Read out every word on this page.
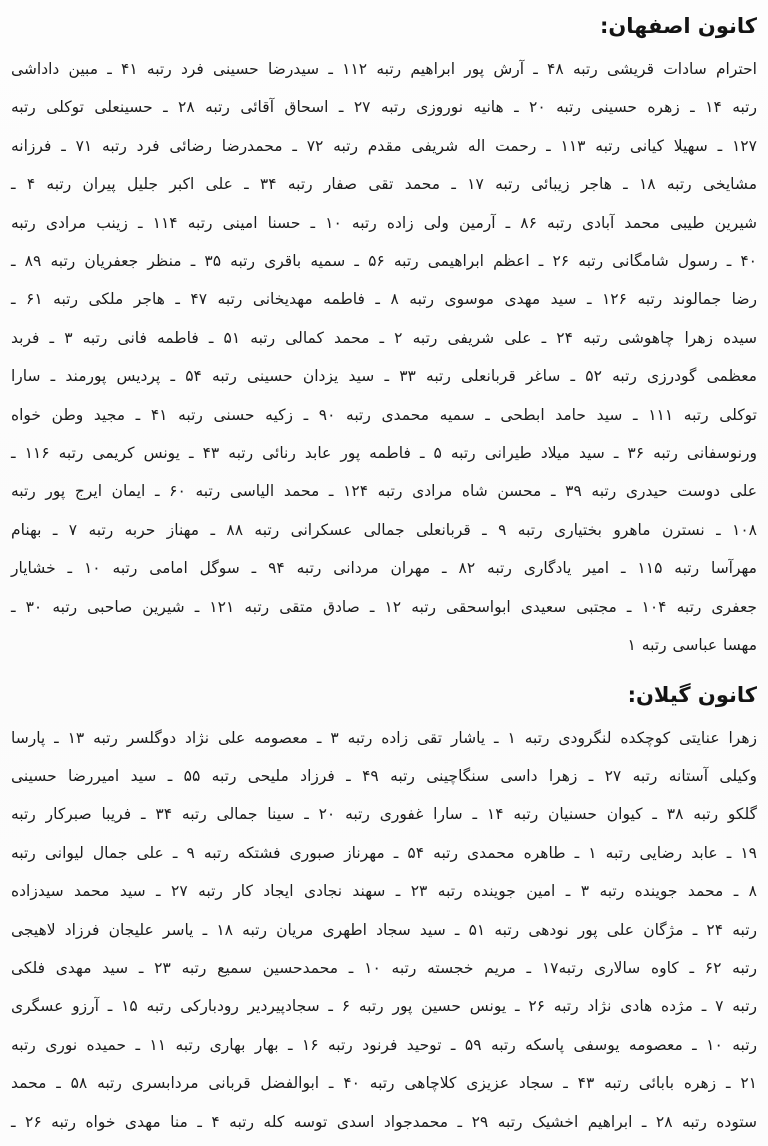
کانون اصفهان:
احترام سادات قریشی رتبه ۴۸ ـ آرش پور ابراهیم رتبه ۱۱۲ ـ سیدرضا حسینی فرد رتبه ۴۱ ـ مبین داداشی
رتبه ۱۴ ـ زهره حسینی رتبه ۲۰ ـ هانیه نوروزی رتبه ۲۷ ـ اسحاق آقائی رتبه ۲۸ ـ حسینعلی توکلی رتبه
۱۲۷ ـ سهیلا کیانی رتبه ۱۱۳ ـ رحمت اله شریفی مقدم رتبه ۷۲ ـ محمدرضا رضائی فرد رتبه ۷۱ ـ فرزانه
مشایخی رتبه ۱۸ ـ هاجر زیبائی رتبه ۱۷ ـ محمد تقی صفار رتبه ۳۴ ـ علی اکبر جلیل پیران رتبه ۴ ـ
شیرین طیبی محمد آبادی رتبه ۸۶ ـ آرمین ولی زاده رتبه ۱۰ ـ حسنا امینی رتبه ۱۱۴ ـ زینب مرادی رتبه
۴۰ ـ رسول شامگانی رتبه ۲۶ ـ اعظم ابراهیمی رتبه ۵۶ ـ سمیه باقری رتبه ۳۵ ـ منظر جعفریان رتبه ۸۹ ـ
رضا جمالوند رتبه ۱۲۶ ـ سید مهدی موسوی رتبه ۸ ـ فاطمه مهدیخانی رتبه ۴۷ ـ هاجر ملکی رتبه ۶۱ ـ
سیده زهرا چاهوشی رتبه ۲۴ ـ علی شریفی رتبه ۲ ـ محمد کمالی رتبه ۵۱ ـ فاطمه فانی رتبه ۳ ـ فربد
معظمی گودرزی رتبه ۵۲ ـ ساغر قربانعلی رتبه ۳۳ ـ سید یزدان حسینی رتبه ۵۴ ـ پردیس پورمند ـ سارا
توکلی رتبه ۱۱۱ ـ سید حامد ابطحی ـ سمیه محمدی رتبه ۹۰ ـ زکیه حسنی رتبه ۴۱ ـ مجید وطن خواه
ورنوسفانی رتبه ۳۶ ـ سید میلاد طیرانی رتبه ۵ ـ فاطمه پور عابد رنائی رتبه ۴۳ ـ یونس کریمی رتبه ۱۱۶ ـ
علی دوست حیدری رتبه ۳۹ ـ محسن شاه مرادی رتبه ۱۲۴ ـ محمد الیاسی رتبه ۶۰ ـ ایمان ایرج پور رتبه
۱۰۸ ـ نسترن ماهرو بختیاری رتبه ۹ ـ قربانعلی جمالی عسکرانی رتبه ۸۸ ـ مهناز حربه رتبه ۷ ـ بهنام
مهرآسا رتبه ۱۱۵ ـ امیر یادگاری رتبه ۸۲ ـ مهران مردانی رتبه ۹۴ ـ سوگل امامی رتبه ۱۰ ـ خشایار
جعفری رتبه ۱۰۴ ـ مجتبی سعیدی ابواسحقی رتبه ۱۲ ـ صادق متقی رتبه ۱۲۱ ـ شیرین صاحبی رتبه ۳۰ ـ
مهسا عباسی رتبه ۱
کانون گیلان:
زهرا عنایتی کوچکده لنگرودی رتبه ۱ ـ یاشار تقی زاده رتبه ۳ ـ معصومه علی نژاد دوگلسر رتبه ۱۳ ـ پارسا
وکیلی آستانه رتبه ۲۷ ـ زهرا داسی سنگاچینی رتبه ۴۹ ـ فرزاد ملیحی رتبه ۵۵ ـ سید امیررضا حسینی
گلکو رتبه ۳۸ ـ کیوان حسنیان رتبه ۱۴ ـ سارا غفوری رتبه ۲۰ ـ سینا جمالی رتبه ۳۴ ـ فریبا صبرکار رتبه
۱۹ ـ عابد رضایی رتبه ۱ ـ طاهره محمدی رتبه ۵۴ ـ مهرناز صبوری فشتکه رتبه ۹ ـ علی جمال لیوانی رتبه
۸ ـ محمد جوینده رتبه ۳ ـ امین جوینده رتبه ۲۳ ـ سهند نجادی ایجاد کار رتبه ۲۷ ـ سید محمد سیدزاده
رتبه ۲۴ ـ مژگان علی پور نودهی رتبه ۵۱ ـ سید سجاد اطهری مریان رتبه ۱۸ ـ یاسر علیجان فرزاد لاهیجی
رتبه ۶۲ ـ کاوه سالاری رتبه۱۷ ـ مریم خجسته رتبه ۱۰ ـ محمدحسین سمیع رتبه ۲۳ ـ سید مهدی فلکی
رتبه ۷ ـ مژده هادی نژاد رتبه ۲۶ ـ یونس حسین پور رتبه ۶ ـ سجادپیردیر رودبارکی رتبه ۱۵ ـ آرزو عسگری
رتبه ۱۰ ـ معصومه یوسفی پاسکه رتبه ۵۹ ـ توحید فرنود رتبه ۱۶ ـ بهار بهاری رتبه ۱۱ ـ حمیده نوری رتبه
۲۱ ـ زهره بابائی رتبه ۴۳ ـ سجاد عزیزی کلاچاهی رتبه ۴۰ ـ ابوالفضل قربانی مردابسری رتبه ۵۸ ـ محمد
ستوده رتبه ۲۸ ـ ابراهیم اخشیک رتبه ۲۹ ـ محمدجواد اسدی توسه کله رتبه ۴ ـ منا مهدی خواه رتبه ۲۶ ـ
